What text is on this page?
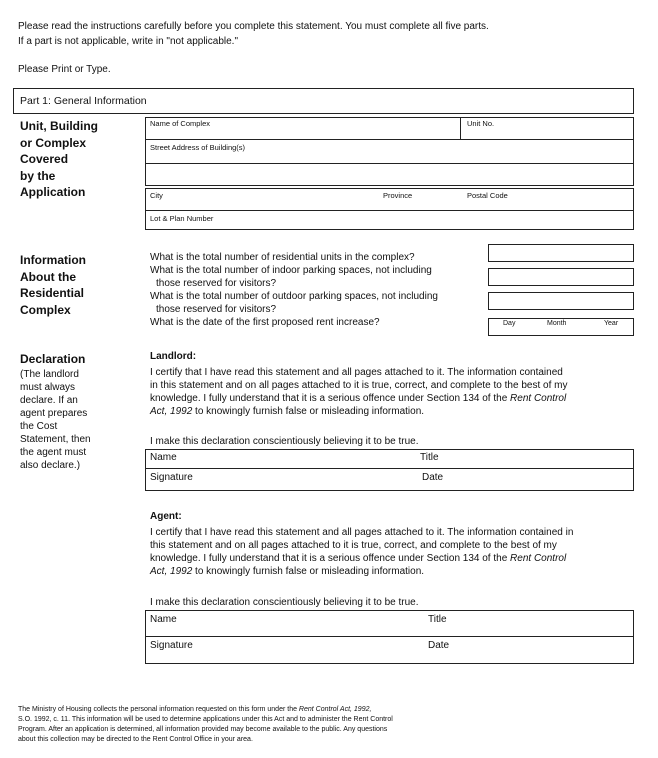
Please read the instructions carefully before you complete this statement. You must complete all five parts.
If a part is not applicable, write in "not applicable."
Please Print or Type.
Part 1: General Information
Unit, Building
or Complex
Covered
by the
Application
Name of Complex	Unit No.
Street Address of Building(s)
City	Province	Postal Code
Lot & Plan Number
Information
About the
Residential
Complex
What is the total number of residential units in the complex?
What is the total number of indoor parking spaces, not including
those reserved for visitors?
What is the total number of outdoor parking spaces, not including
those reserved for visitors?
What is the date of the first proposed rent increase?	Day	Month	Year
Declaration
(The landlord
must always
declare. If an
agent prepares
the Cost
Statement, then
the agent must
also declare.)
Landlord:
I certify that I have read this statement and all pages attached to it. The information contained
in this statement and on all pages attached to it is true, correct, and complete to the best of my
knowledge. I fully understand that it is a serious offence under Section 134 of the Rent Control
Act, 1992 to knowingly furnish false or misleading information.
I make this declaration conscientiously believing it to be true.
Name	Title
Signature	Date
Agent:
I certify that I have read this statement and all pages attached to it. The information contained in
this statement and on all pages attached to it is true, correct, and complete to the best of my
knowledge. I fully understand that it is a serious offence under Section 134 of the Rent Control
Act, 1992 to knowingly furnish false or misleading information.
I make this declaration conscientiously believing it to be true.
Name	Title
Signature	Date
The Ministry of Housing collects the personal information requested on this form under the Rent Control Act, 1992,
S.O. 1992, c. 11. This information will be used to determine applications under this Act and to administer the Rent Control
Program. After an application is determined, all information provided may become available to the public. Any questions
about this collection may be directed to the Rent Control Office in your area.
